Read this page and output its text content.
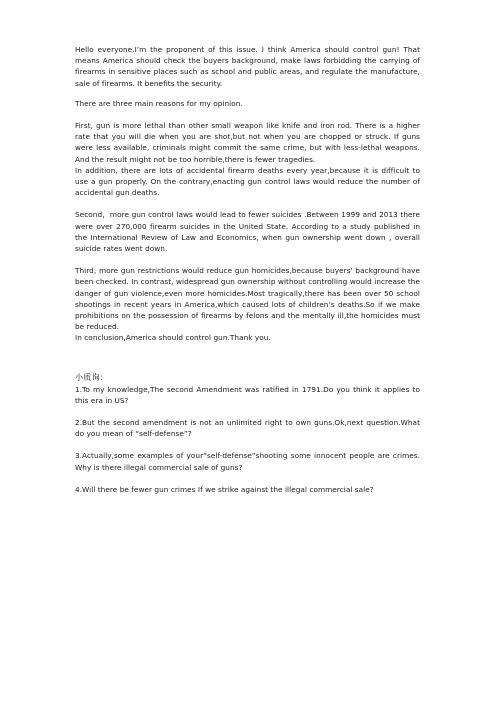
Hello everyone.I’m the proponent of this issue. I think America should control gun! That means America should check the buyers background, make laws forbidding the carrying of firearms in sensitive places such as school and public areas, and regulate the manufacture, sale of firearms. It benefits the security.

There are three main reasons for my opinion.

First, gun is more lethal than other small weapon like knife and iron rod. There is a higher rate that you will die when you are shot,but not when you are chopped or struck. If guns were less available, criminals might commit the same crime, but with less-lethal weapons. And the result might not be too horrible,there is fewer tragedies.

In addition, there are lots of accidental firearm deaths every year,because it is difficult to use a gun properly. On the contrary,enacting gun control laws would reduce the number of accidental gun deaths.

Second，more gun control laws would lead to fewer suicides .Between 1999 and 2013 there were over 270,000 firearm suicides in the United State. According to a study published in the International Review of Law and Economics, when gun ownership went down , overall suicide rates went down.

Third, more gun restrictions would reduce gun homicides,because buyers' background have been checked. In contrast, widespread gun ownership without controlling would increase the danger of gun violence,even more homicides.Most tragically,there has been over 50 school shootings in recent years in America,which caused lots of children’s deaths.So if we make prohibitions on the possession of firearms by felons and the mentally ill,the homicides must be reduced.

In conclusion,America should control gun.Thank you.

小质询：

1.To my knowledge,The second Amendment was ratified in 1791.Do you think it applies to this era in US?

2.But the second amendment is not an unlimited right to own guns.Ok,next question.What do you mean of “self-defense”?

3.Actually,some examples of your“self-defense”shooting some innocent people are crimes. Why is there illegal commercial sale of guns?

4.Will there be fewer gun crimes If we strike against the illegal commercial sale?
